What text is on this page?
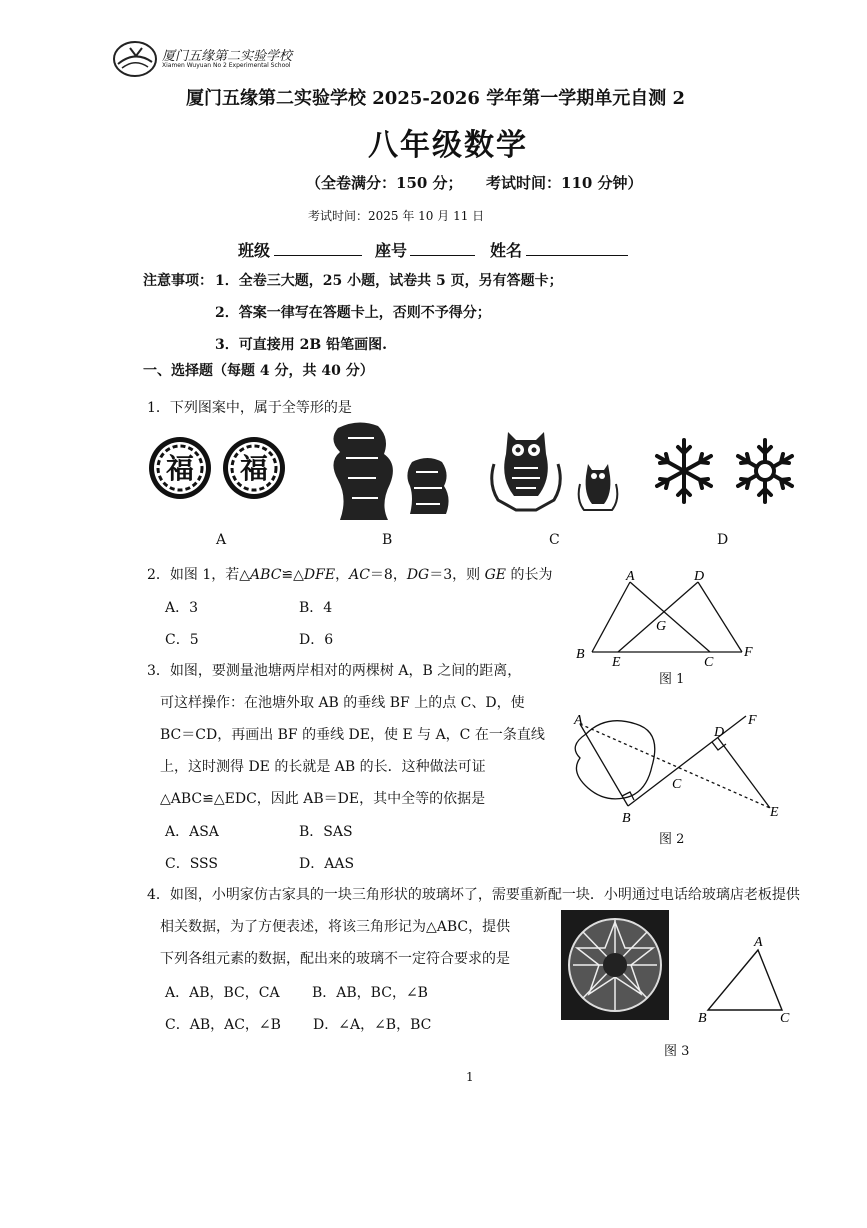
厦门五缘第二实验学校
Xiamen Wuyuan No 2 Experimental School
厦门五缘第二实验学校 2025-2026 学年第一学期单元自测 2
八年级数学
（全卷满分：150 分； 考试时间：110 分钟）
考试时间：2025 年 10 月 11 日
班级	座号	姓名
注意事项： 1．全卷三大题，25 小题，试卷共 5 页，另有答题卡；
2．答案一律写在答题卡上，否则不予得分；
3．可直接用 2B 铅笔画图.
一、选择题（每题 4 分，共 40 分）
1．下列图案中，属于全等形的是
福 福
A	B	C	D
2．如图 1，若△ABC≌△DFE，AC＝8，DG＝3，则 GE 的长为
A．3	B．4
C．5	D．6
A	D
G
B
E	C
F
图 1
3．如图，要测量池塘两岸相对的两棵树 A，B 之间的距离，
可这样操作：在池塘外取 AB 的垂线 BF 上的点 C、D，使
BC＝CD，再画出 BF 的垂线 DE，使 E 与 A，C 在一条直线
上，这时测得 DE 的长就是 AB 的长．这种做法可证
△ABC≌△EDC，因此 AB＝DE，其中全等的依据是
A．ASA	B．SAS
C．SSS	D．AAS
A
D
F
C
B	E
图 2
4．如图，小明家仿古家具的一块三角形状的玻璃坏了，需要重新配一块．小明通过电话给玻璃店老板提供
相关数据，为了方便表述，将该三角形记为△ABC，提供
下列各组元素的数据，配出来的玻璃不一定符合要求的是
A．AB，BC，CA B．AB，BC，∠B
C．AB，AC，∠B D．∠A，∠B，BC
A
B	C
图 3
1
